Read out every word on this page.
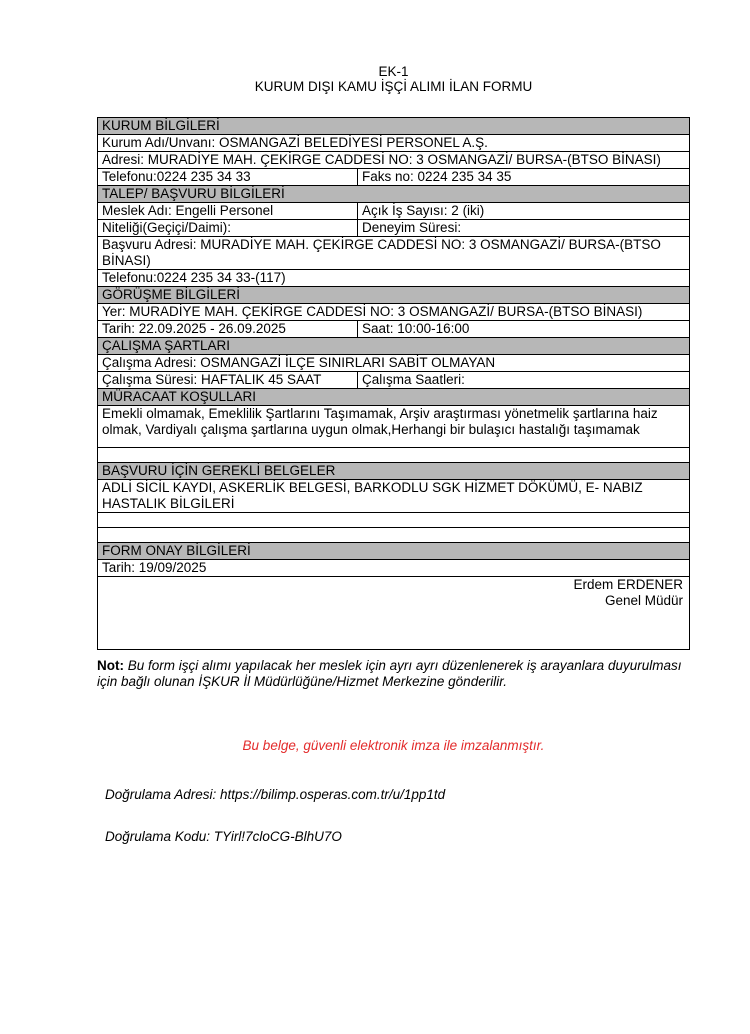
EK-1
KURUM DIŞI KAMU İŞÇİ ALIMI İLAN FORMU
KURUM BİLGİLERİ
Kurum Adı/Unvanı: OSMANGAZİ BELEDİYESİ PERSONEL A.Ş.
Adresi: MURADİYE MAH. ÇEKİRGE CADDESİ NO: 3 OSMANGAZİ/ BURSA-(BTSO BİNASI)
Telefonu:0224 235 34 33	Faks no: 0224 235 34 35
TALEP/ BAŞVURU BİLGİLERİ
Meslek Adı: Engelli Personel	Açık İş Sayısı: 2 (iki)
Niteliği(Geçiçi/Daimi):	Deneyim Süresi:
Başvuru Adresi: MURADİYE MAH. ÇEKİRGE CADDESİ NO: 3 OSMANGAZİ/ BURSA-(BTSO BİNASI)
Telefonu:0224 235 34 33-(117)
GÖRÜŞME BİLGİLERİ
Yer: MURADİYE MAH. ÇEKİRGE CADDESİ NO: 3 OSMANGAZİ/ BURSA-(BTSO BİNASI)
Tarih: 22.09.2025 - 26.09.2025	Saat: 10:00-16:00
ÇALIŞMA ŞARTLARI
Çalışma Adresi: OSMANGAZİ İLÇE SINIRLARI SABİT OLMAYAN
Çalışma Süresi: HAFTALIK 45 SAAT	Çalışma Saatleri:
MÜRACAAT KOŞULLARI
Emekli olmamak, Emeklilik Şartlarını Taşımamak, Arşiv araştırması yönetmelik şartlarına haiz olmak, Vardiyalı çalışma şartlarına uygun olmak,Herhangi bir bulaşıcı hastalığı taşımamak
BAŞVURU İÇİN GEREKLİ BELGELER
ADLİ SİCİL KAYDI, ASKERLİK BELGESİ, BARKODLU SGK HİZMET DÖKÜMÜ, E- NABIZ HASTALIK BİLGİLERİ
FORM ONAY BİLGİLERİ
Tarih: 19/09/2025
Erdem ERDENER
Genel Müdür
Not: Bu form işçi alımı yapılacak her meslek için ayrı ayrı düzenlenerek iş arayanlara duyurulması için bağlı olunan İŞKUR İl Müdürlüğüne/Hizmet Merkezine gönderilir.
Bu belge, güvenli elektronik imza ile imzalanmıştır.
Doğrulama Adresi: https://bilimp.osperas.com.tr/u/1pp1td
Doğrulama Kodu: TYirl!7cloCG-BlhU7O
